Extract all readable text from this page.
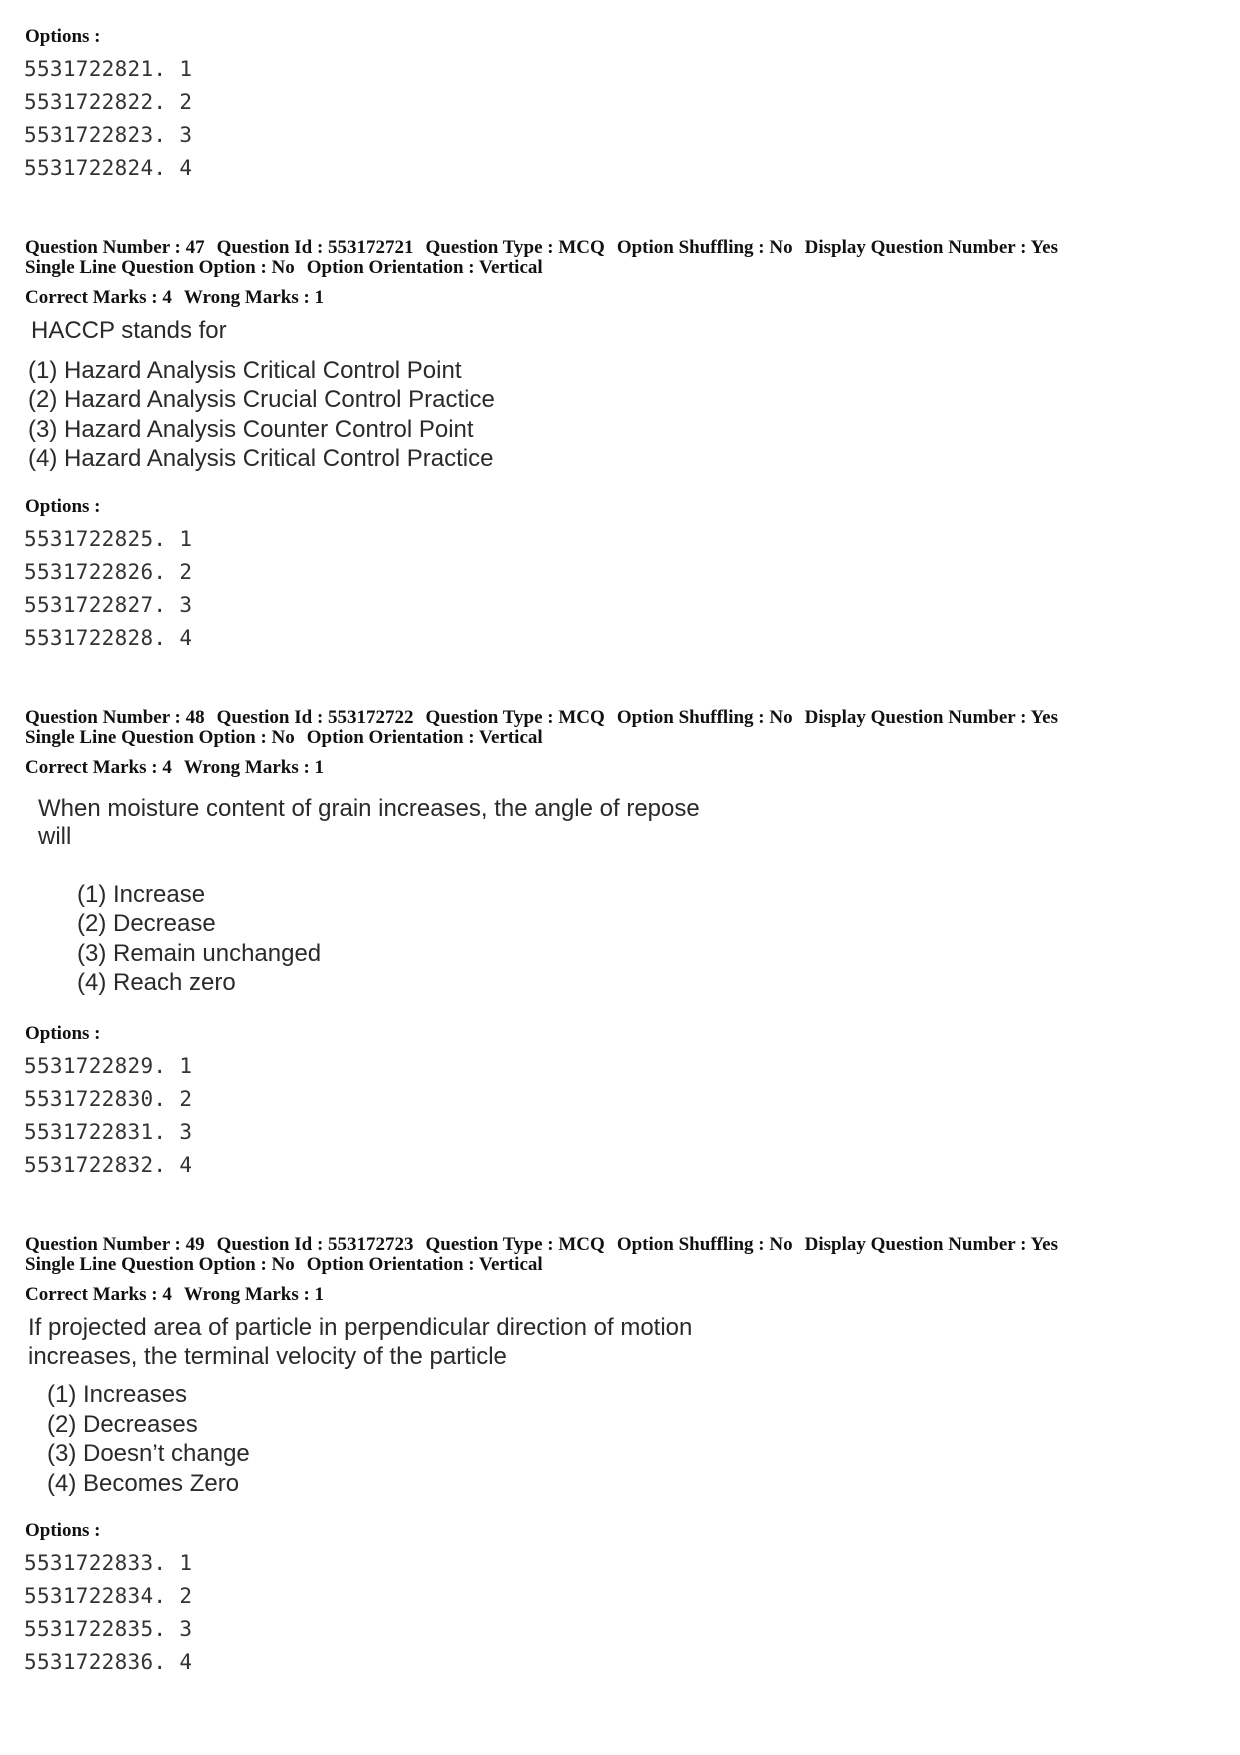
Options :
5531722821. 1
5531722822. 2
5531722823. 3
5531722824. 4
Question Number : 47 Question Id : 553172721 Question Type : MCQ Option Shuffling : No Display Question Number : Yes
Single Line Question Option : No Option Orientation : Vertical
Correct Marks : 4 Wrong Marks : 1
HACCP stands for
(1) Hazard Analysis Critical Control Point
(2) Hazard Analysis Crucial Control Practice
(3) Hazard Analysis Counter Control Point
(4) Hazard Analysis Critical Control Practice
Options :
5531722825. 1
5531722826. 2
5531722827. 3
5531722828. 4
Question Number : 48 Question Id : 553172722 Question Type : MCQ Option Shuffling : No Display Question Number : Yes
Single Line Question Option : No Option Orientation : Vertical
Correct Marks : 4 Wrong Marks : 1
When moisture content of grain increases, the angle of repose
will
(1) Increase
(2) Decrease
(3) Remain unchanged
(4) Reach zero
Options :
5531722829. 1
5531722830. 2
5531722831. 3
5531722832. 4
Question Number : 49 Question Id : 553172723 Question Type : MCQ Option Shuffling : No Display Question Number : Yes
Single Line Question Option : No Option Orientation : Vertical
Correct Marks : 4 Wrong Marks : 1
If projected area of particle in perpendicular direction of motion
increases, the terminal velocity of the particle
(1) Increases
(2) Decreases
(3) Doesn’t change
(4) Becomes Zero
Options :
5531722833. 1
5531722834. 2
5531722835. 3
5531722836. 4
